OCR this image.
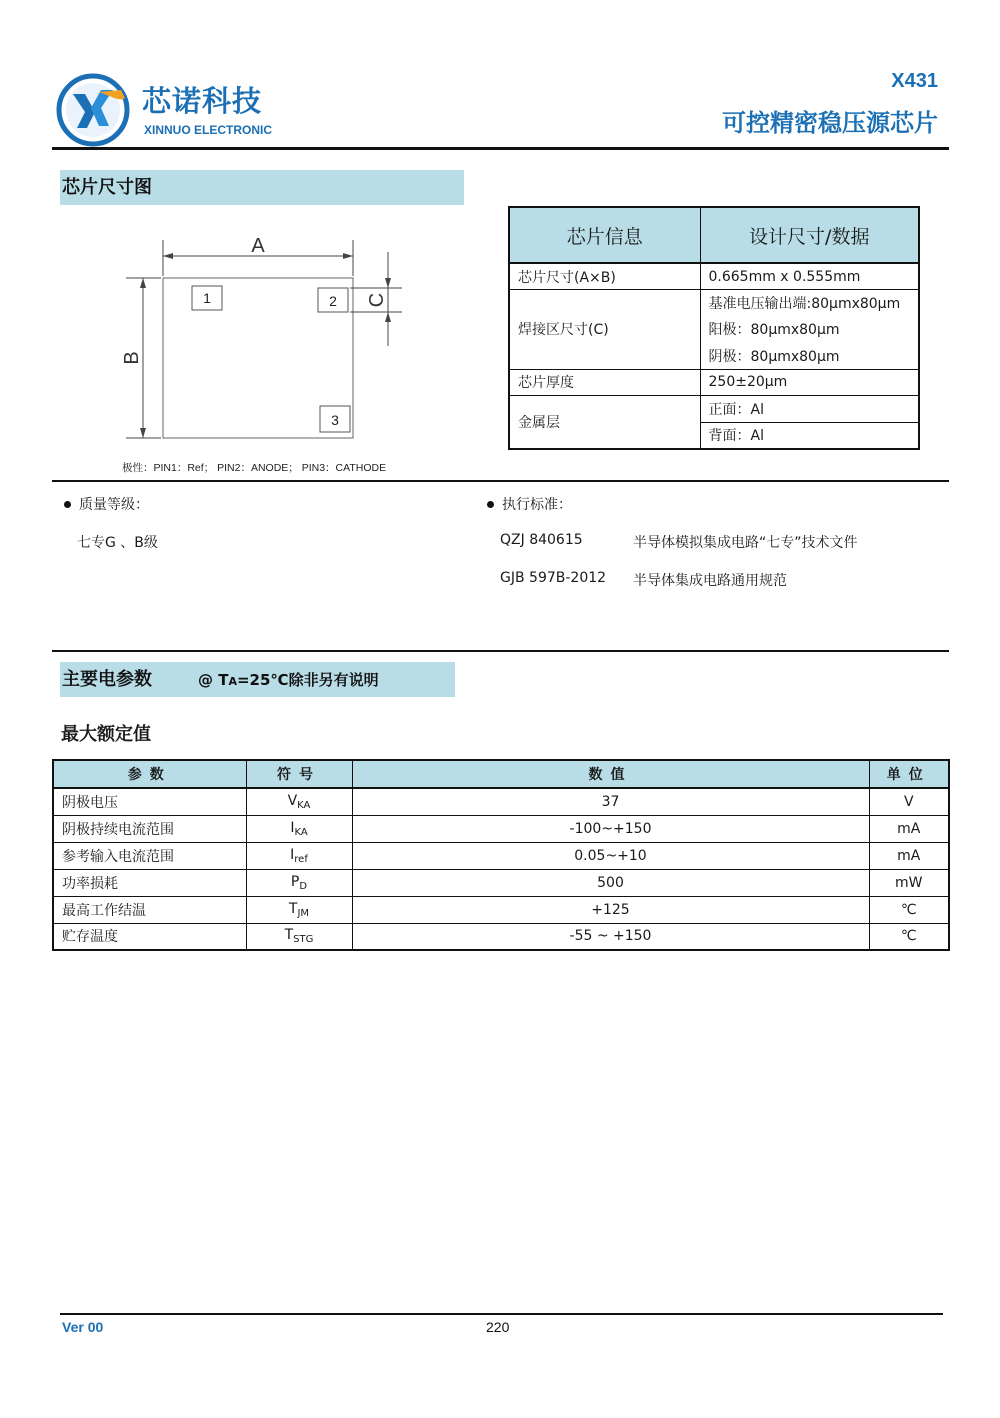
芯诺科技
XINNUO ELECTRONIC
X431
可控精密稳压源芯片
芯片尺寸图
A
B
1	2
3
C
极性：PIN1：Ref； PIN2：ANODE； PIN3：CATHODE
芯片信息	设计尺寸/数据
芯片尺寸(A×B)	0.665mm x 0.555mm
焊接区尺寸(C)	基准电压输出端:80μmx80μm
	阳极：80μmx80μm
	阴极：80μmx80μm
芯片厚度	250±20μm
金属层	正面：Al
	背面：Al
质量等级：
七专G 、B级
执行标准：
QZJ 840615	半导体模拟集成电路“七专”技术文件
GJB 597B-2012 半导体集成电路通用规范
主要电参数	@ TA=25℃除非另有说明
最大额定值
参数	符号	数值	单位
阴极电压	$V_{KA}$	37	V
阴极持续电流范围	$I_{KA}$	-100~+150	mA
参考输入电流范围	$I_{ref}$	0.05~+10	mA
功率损耗	$P_D$	500	mW
最高工作结温	$T_{JM}$	+125	℃
贮存温度	$T_{STG}$	-55 ~ +150	℃
Ver 00	220
